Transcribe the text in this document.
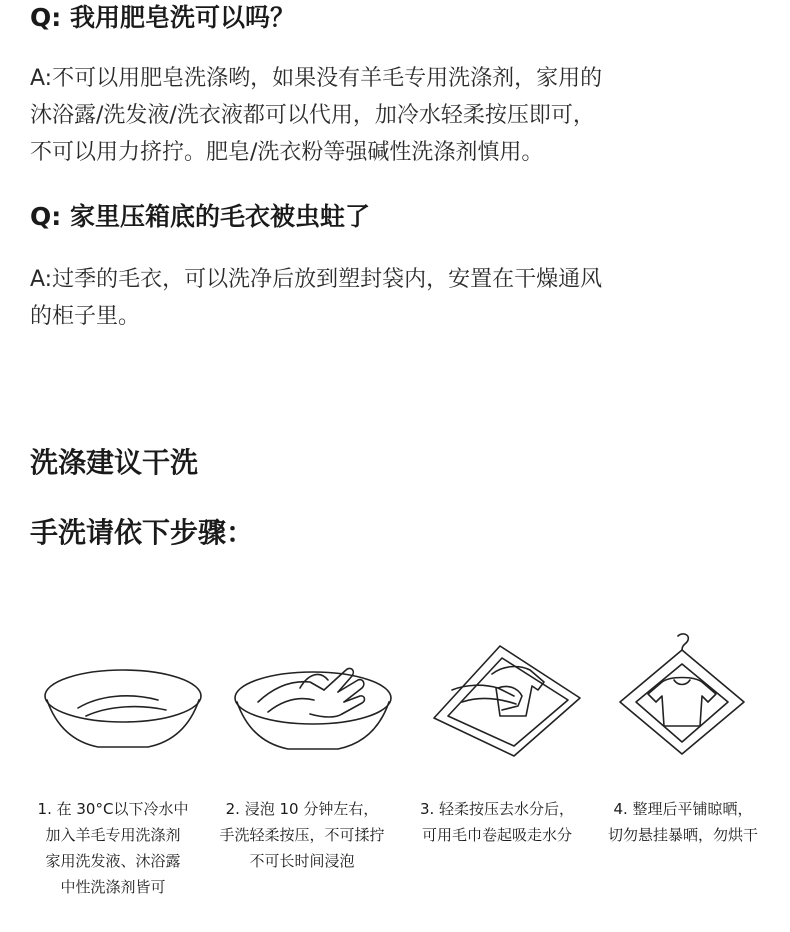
Q: 我用肥皂洗可以吗？
A:不可以用肥皂洗涤哟，如果没有羊毛专用洗涤剂，家用的
沐浴露/洗发液/洗衣液都可以代用，加冷水轻柔按压即可，
不可以用力挤拧。肥皂/洗衣粉等强碱性洗涤剂慎用。
Q: 家里压箱底的毛衣被虫蛀了
A:过季的毛衣，可以洗净后放到塑封袋内，安置在干燥通风
的柜子里。
洗涤建议干洗
手洗请依下步骤：
1. 在 30°C以下冷水中
加入羊毛专用洗涤剂
家用洗发液、沐浴露
中性洗涤剂皆可
2. 浸泡 10 分钟左右，
手洗轻柔按压，不可揉拧
不可长时间浸泡
3. 轻柔按压去水分后，
可用毛巾卷起吸走水分
4. 整理后平铺晾晒，
切勿悬挂暴晒，勿烘干
